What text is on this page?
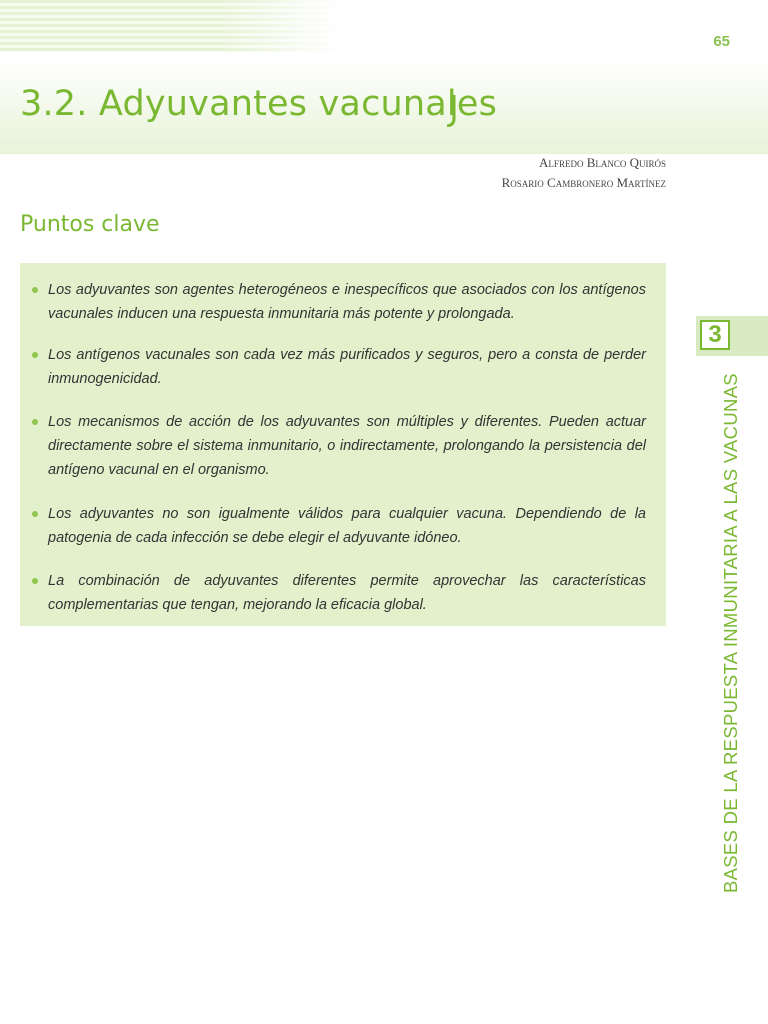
65
3.2. Adyuvantes vacunales
Alfredo Blanco Quirós
Rosario Cambronero Martínez
Puntos clave
Los adyuvantes son agentes heterogéneos e inespecíficos que asociados con los antígenos vacunales inducen una respuesta inmunitaria más potente y prolongada.
Los antígenos vacunales son cada vez más purificados y seguros, pero a consta de perder inmunogenicidad.
Los mecanismos de acción de los adyuvantes son múltiples y diferentes. Pueden actuar directamente sobre el sistema inmunitario, o indirectamente, prolongando la persistencia del antígeno vacunal en el organismo.
Los adyuvantes no son igualmente válidos para cualquier vacuna. Dependiendo de la patogenia de cada infección se debe elegir el adyuvante idóneo.
La combinación de adyuvantes diferentes permite aprovechar las características complementarias que tengan, mejorando la eficacia global.
3
BASES DE LA RESPUESTA INMUNITARIA A LAS VACUNAS
